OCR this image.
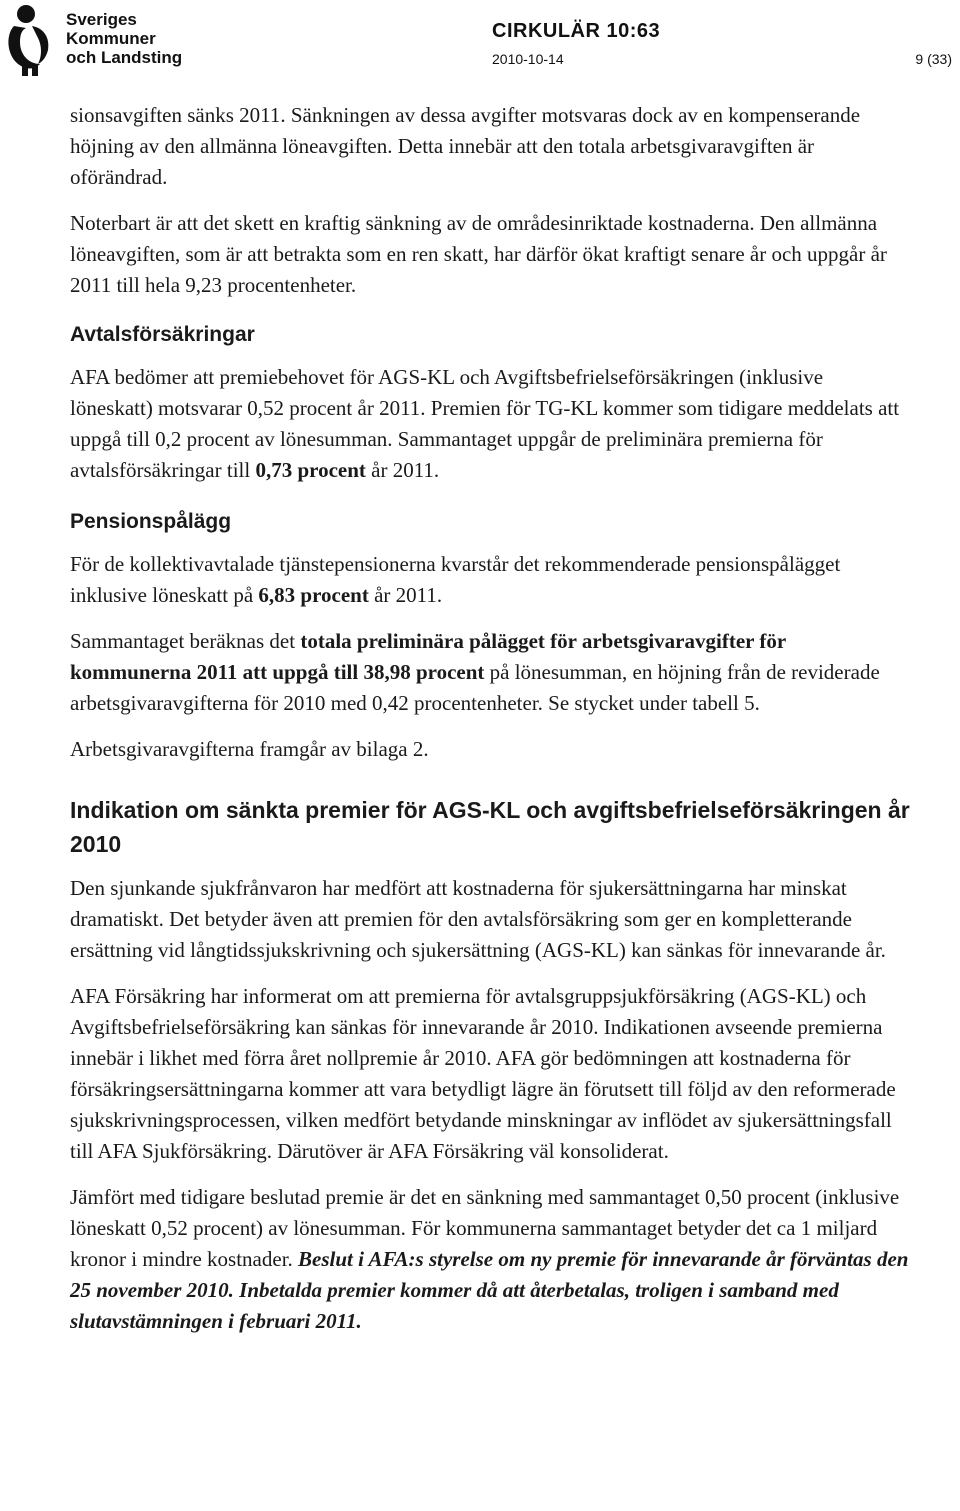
Sveriges
Kommuner
och Landsting
CIRKULÄR 10:63
2010-10-14	9 (33)

sionsavgiften sänks 2011. Sänkningen av dessa avgifter motsvaras dock av en kompenserande höjning av den allmänna löneavgiften. Detta innebär att den totala arbetsgivaravgiften är oförändrad.

Noterbart är att det skett en kraftig sänkning av de områdesinriktade kostnaderna. Den allmänna löneavgiften, som är att betrakta som en ren skatt, har därför ökat kraftigt senare år och uppgår år 2011 till hela 9,23 procentenheter.

Avtalsförsäkringar

AFA bedömer att premiebehovet för AGS-KL och Avgiftsbefrielseförsäkringen (inklusive löneskatt) motsvarar 0,52 procent år 2011. Premien för TG-KL kommer som tidigare meddelats att uppgå till 0,2 procent av lönesumman. Sammantaget uppgår de preliminära premierna för avtalsförsäkringar till 0,73 procent år 2011.

Pensionspålägg

För de kollektivavtalade tjänstepensionerna kvarstår det rekommenderade pensionspålägget inklusive löneskatt på 6,83 procent år 2011.

Sammantaget beräknas det totala preliminära pålägget för arbetsgivaravgifter för kommunerna 2011 att uppgå till 38,98 procent på lönesumman, en höjning från de reviderade arbetsgivaravgifterna för 2010 med 0,42 procentenheter. Se stycket under tabell 5.

Arbetsgivaravgifterna framgår av bilaga 2.

Indikation om sänkta premier för AGS-KL och avgiftsbefrielseförsäkringen år 2010

Den sjunkande sjukfrånvaron har medfört att kostnaderna för sjukersättningarna har minskat dramatiskt. Det betyder även att premien för den avtalsförsäkring som ger en kompletterande ersättning vid långtidssjukskrivning och sjukersättning (AGS-KL) kan sänkas för innevarande år.

AFA Försäkring har informerat om att premierna för avtalsgruppsjukförsäkring (AGS-KL) och Avgiftsbefrielseförsäkring kan sänkas för innevarande år 2010. Indikationen avseende premierna innebär i likhet med förra året nollpremie år 2010. AFA gör bedömningen att kostnaderna för försäkringsersättningarna kommer att vara betydligt lägre än förutsett till följd av den reformerade sjukskrivningsprocessen, vilken medfört betydande minskningar av inflödet av sjukersättningsfall till AFA Sjukförsäkring. Därutöver är AFA Försäkring väl konsoliderat.

Jämfört med tidigare beslutad premie är det en sänkning med sammantaget 0,50 procent (inklusive löneskatt 0,52 procent) av lönesumman. För kommunerna sammantaget betyder det ca 1 miljard kronor i mindre kostnader. Beslut i AFA:s styrelse om ny premie för innevarande år förväntas den 25 november 2010. Inbetalda premier kommer då att återbetalas, troligen i samband med slutavstämningen i februari 2011.
